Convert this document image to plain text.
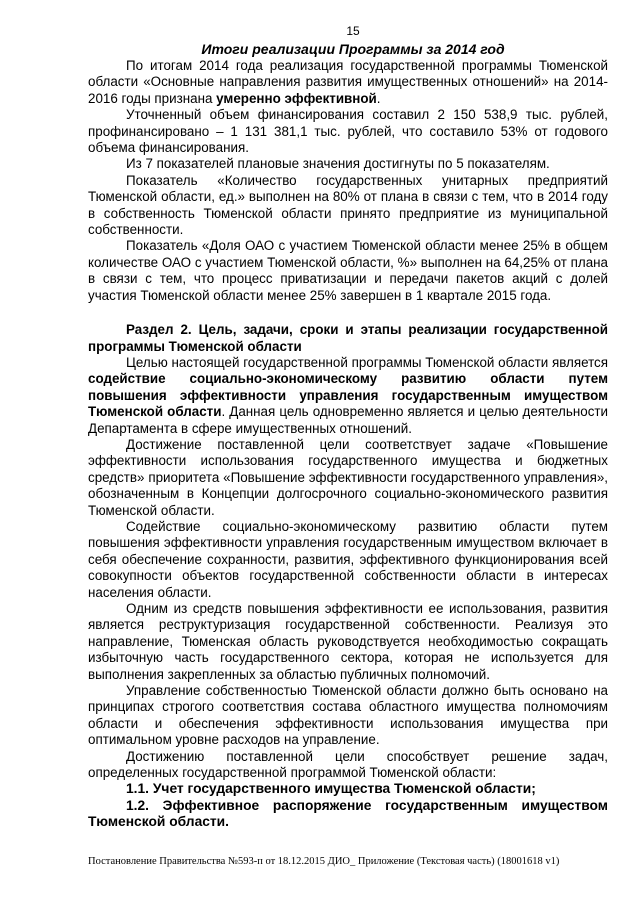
15
Итоги реализации Программы за 2014 год

По итогам 2014 года реализация государственной программы Тюменской области «Основные направления развития имущественных отношений» на 2014-2016 годы признана умеренно эффективной.

Уточненный объем финансирования составил 2 150 538,9 тыс. рублей, профинансировано – 1 131 381,1 тыс. рублей, что составило 53% от годового объема финансирования.

Из 7 показателей плановые значения достигнуты по 5 показателям.

Показатель «Количество государственных унитарных предприятий Тюменской области, ед.» выполнен на 80% от плана в связи с тем, что в 2014 году в собственность Тюменской области принято предприятие из муниципальной собственности.

Показатель «Доля ОАО с участием Тюменской области менее 25% в общем количестве ОАО с участием Тюменской области, %» выполнен на 64,25% от плана в связи с тем, что процесс приватизации и передачи пакетов акций с долей участия Тюменской области менее 25% завершен в 1 квартале 2015 года.

Раздел 2. Цель, задачи, сроки и этапы реализации государственной программы Тюменской области

Целью настоящей государственной программы Тюменской области является содействие социально-экономическому развитию области путем повышения эффективности управления государственным имуществом Тюменской области. Данная цель одновременно является и целью деятельности Департамента в сфере имущественных отношений.

Достижение поставленной цели соответствует задаче «Повышение эффективности использования государственного имущества и бюджетных средств» приоритета «Повышение эффективности государственного управления», обозначенным в Концепции долгосрочного социально-экономического развития Тюменской области.

Содействие социально-экономическому развитию области путем повышения эффективности управления государственным имуществом включает в себя обеспечение сохранности, развития, эффективного функционирования всей совокупности объектов государственной собственности области в интересах населения области.

Одним из средств повышения эффективности ее использования, развития является реструктуризация государственной собственности. Реализуя это направление, Тюменская область руководствуется необходимостью сокращать избыточную часть государственного сектора, которая не используется для выполнения закрепленных за областью публичных полномочий.

Управление собственностью Тюменской области должно быть основано на принципах строгого соответствия состава областного имущества полномочиям области и обеспечения эффективности использования имущества при оптимальном уровне расходов на управление.

Достижению поставленной цели способствует решение задач, определенных государственной программой Тюменской области:

1.1. Учет государственного имущества Тюменской области;
1.2. Эффективное распоряжение государственным имуществом Тюменской области.
Постановление Правительства №593-п от 18.12.2015 ДИО_ Приложение (Текстовая часть) (18001618 v1)
